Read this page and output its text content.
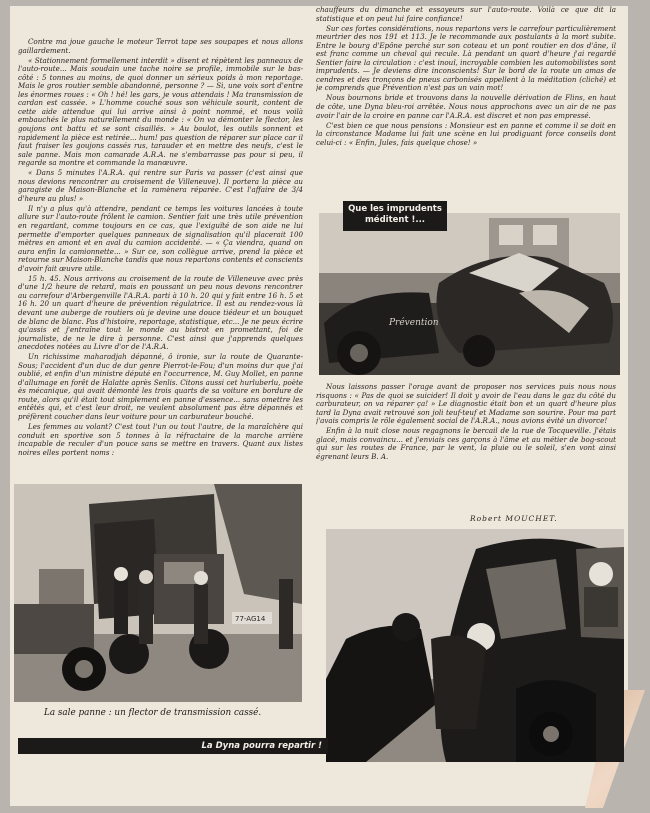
Contre ma joue gauche le moteur Terrot tape ses soupapes et nous allons gaillardement.

« Stationnement formellement interdit » disent et répètent les panneaux de l'auto-route... Mais soudain une tache noire se profile, immobile sur le bas-côté : 5 tonnes au moins, de quoi donner un sérieux poids à mon reportage. Mais le gros routier semble abandonné, personne ? — Si, une voix sort d'entre les énormes roues : « Oh ! hé! les gars, je vous attendais ! Ma transmission de cardan est cassée. » L'homme couché sous son véhicule sourit, content de cette aide attendue qui lui arrive ainsi à point nommé, et nous voilà embauchés le plus naturellement du monde : « On va démonter le flector, les goujons ont battu et se sont cisaillés. » Au boulot, les outils sonnent et rapidement la pièce est retirée... hum! pas question de réparer sur place car il faut fraiser les goujons cassés rus, tarauder et en mettre des neufs, c'est le sale panne. Mais mon camarade A.R.A. ne s'embarrasse pas pour si peu, il regarde sa montre et commande la manœuvre.

« Dans 5 minutes l'A.R.A. qui rentre sur Paris va passer (c'est ainsi que nous devions rencontrer au croisement de Villeneuve). Il portera la pièce au garagiste de Maison-Blanche et la ramènera réparée. C'est l'affaire de 3/4 d'heure au plus! »

Il n'y a plus qu'à attendre, pendant ce temps les voitures lancées à toute allure sur l'auto-route frôlent le camion. Sentier fait une très utile prévention en regardant, comme toujours en ce cas, que l'exiguïté de son aide ne lui permette d'emporter quelques panneaux de signalisation qu'il placerait 100 mètres en amont et en aval du camion accidenté. — « Ça viendra, quand on aura enfin la camionnette... » Sur ce, son collègue arrive, prend la pièce et retourne sur Maison-Blanche tandis que nous repartons contents et conscients d'avoir fait œuvre utile.

15 h. 45. Nous arrivons au croisement de la route de Villeneuve avec près d'une 1/2 heure de retard, mais en poussant un peu nous devons rencontrer au carrefour d'Arbergenville l'A.R.A. parti à 10 h. 20 qui y fait entre 16 h. 5 et 16 h. 20 un quart d'heure de prévention régulatrice. Il est au rendez-vous là devant une auberge de routiers où je devine une douce tiédeur et un bouquet de blanc de blanc. Pas d'histoire, reportage, statistique, etc... Je ne peux écrire qu'assis et j'entraîne tout le monde au bistrot en promettant, foi de journaliste, de ne le dire à personne. C'est ainsi que j'apprends quelques anecdotes notées au Livre d'or de l'A.R.A.

Un richissime maharadjah dépanné, ô ironie, sur la route de Quarante-Sous; l'accident d'un duc de dur genre Pierrot-le-Fou; d'un moins dur que j'ai oublié, et enfin d'un ministre député en l'occurrence, M. Guy Mollet, en panne d'allumage en forêt de Halatte après Senlis. Citons aussi cet hurluberlu, poète ès mécanique, qui avait démonté les trois quarts de sa voiture en bordure de route, alors qu'il était tout simplement en panne d'essence... sans omettre les entêtés qui, et c'est leur droit, ne veulent absolument pas être dépannés et préfèrent coucher dans leur voiture pour un carburateur bouché.

Les femmes au volant? C'est tout l'un ou tout l'autre, de la maraîchère qui conduit en sportive son 5 tonnes à la réfractaire de la marche arrière incapable de reculer d'un pouce sans se mettre en travers. Quant aux listes noires elles portent noms :

chauffeurs du dimanche et essayeurs sur l'auto-route. Voilà ce que dit la statistique et on peut lui faire confiance!

Sur ces fortes considérations, nous repartons vers le carrefour particulièrement meurtrier des nos 191 et 113. Je le recommande aux postulants à la mort subite. Entre le bourg d'Epône perché sur son coteau et un pont routier en dos d'âne, il est franc comme un cheval qui recule. Là pendant un quart d'heure j'ai regardé Sentier faire la circulation : c'est inouï, incroyable combien les automobilistes sont imprudents. — Je deviens dire inconscients! Sur le bord de la route un amas de cendres et des tronçons de pneus carbonisés appellent à la méditation (cliché) et je comprends que Prévention n'est pas un vain mot!

Nous bournons bride et trouvons dans la nouvelle dérivation de Flins, en haut de côte, une Dyna bleu-roi arrêtée. Nous nous approchons avec un air de ne pas avoir l'air de la croire en panne car l'A.R.A. est discret et non pas empressé.

C'est bien ce que nous pensions : Monsieur est en panne et comme il se doit en la circonstance Madame lui fait une scène en lui prodiguant force conseils dont celui-ci : « Enfin, Jules, fais quelque chose! »

Prévention
Que les imprudents méditent !...

Nous laissons passer l'orage avant de proposer nos services puis nous nous risquons : « Pas de quoi se suicider! Il doit y avoir de l'eau dans le gaz du côté du carburateur, on va réparer ça! » Le diagnostic était bon et un quart d'heure plus tard la Dyna avait retrouvé son joli teuf-teuf et Madame son sourire. Pour ma part j'avais compris le rôle également social de l'A.R.A., nous avions évité un divorce!

Enfin à la nuit close nous regagnons le bercail de la rue de Tocqueville. J'étais glacé, mais convaincu... et j'enviais ces garçons à l'âme et au métier de bog-scout qui sur les routes de France, par le vent, la pluie ou le soleil, s'en vont ainsi égrenant leurs B. A.

Robert MOUCHET.
77-AG14
La sale panne : un flector de transmission cassé.
La Dyna pourra repartir !
